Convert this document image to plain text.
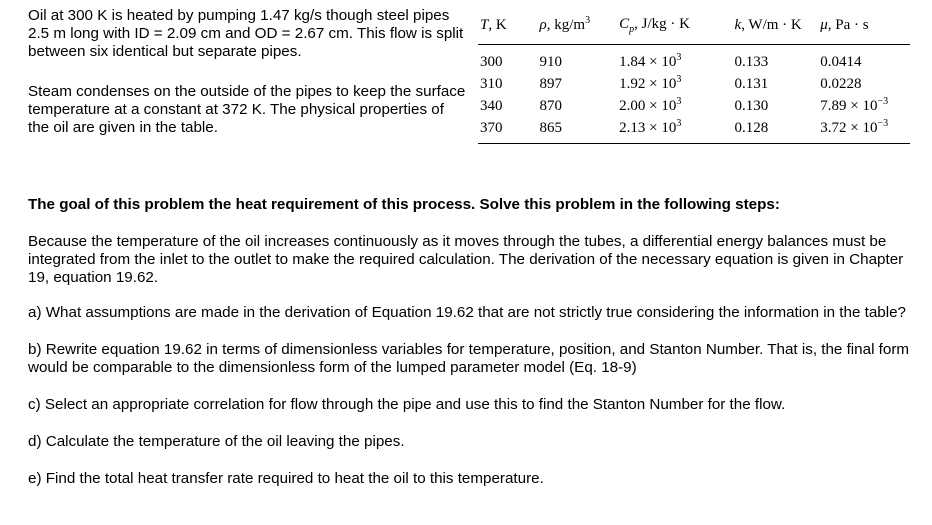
Oil at 300 K is heated by pumping 1.47 kg/s though steel pipes 2.5 m long with ID = 2.09 cm and OD = 2.67 cm. This flow is split between six identical but separate pipes.

Steam condenses on the outside of the pipes to keep the surface temperature at a constant at 372 K. The physical properties of the oil are given in the table.

T, K	ρ, $kg/m^3$	$C_p$, J/kg · K	k, W/m · K	μ, Pa · s
300	910	$1.84 \times 10^3$	0.133	0.0414
310	897	$1.92 \times 10^3$	0.131	0.0228
340	870	$2.00 \times 10^3$	0.130	$7.89 \times 10^{-3}$
370	865	$2.13 \times 10^3$	0.128	$3.72 \times 10^{-3}$

The goal of this problem the heat requirement of this process. Solve this problem in the following steps:

Because the temperature of the oil increases continuously as it moves through the tubes, a differential energy balances must be integrated from the inlet to the outlet to make the required calculation. The derivation of the necessary equation is given in Chapter 19, equation 19.62.

a) What assumptions are made in the derivation of Equation 19.62 that are not strictly true considering the information in the table?

b) Rewrite equation 19.62 in terms of dimensionless variables for temperature, position, and Stanton Number. That is, the final form would be comparable to the dimensionless form of the lumped parameter model (Eq. 18-9)

c) Select an appropriate correlation for flow through the pipe and use this to find the Stanton Number for the flow.

d) Calculate the temperature of the oil leaving the pipes.

e) Find the total heat transfer rate required to heat the oil to this temperature.
